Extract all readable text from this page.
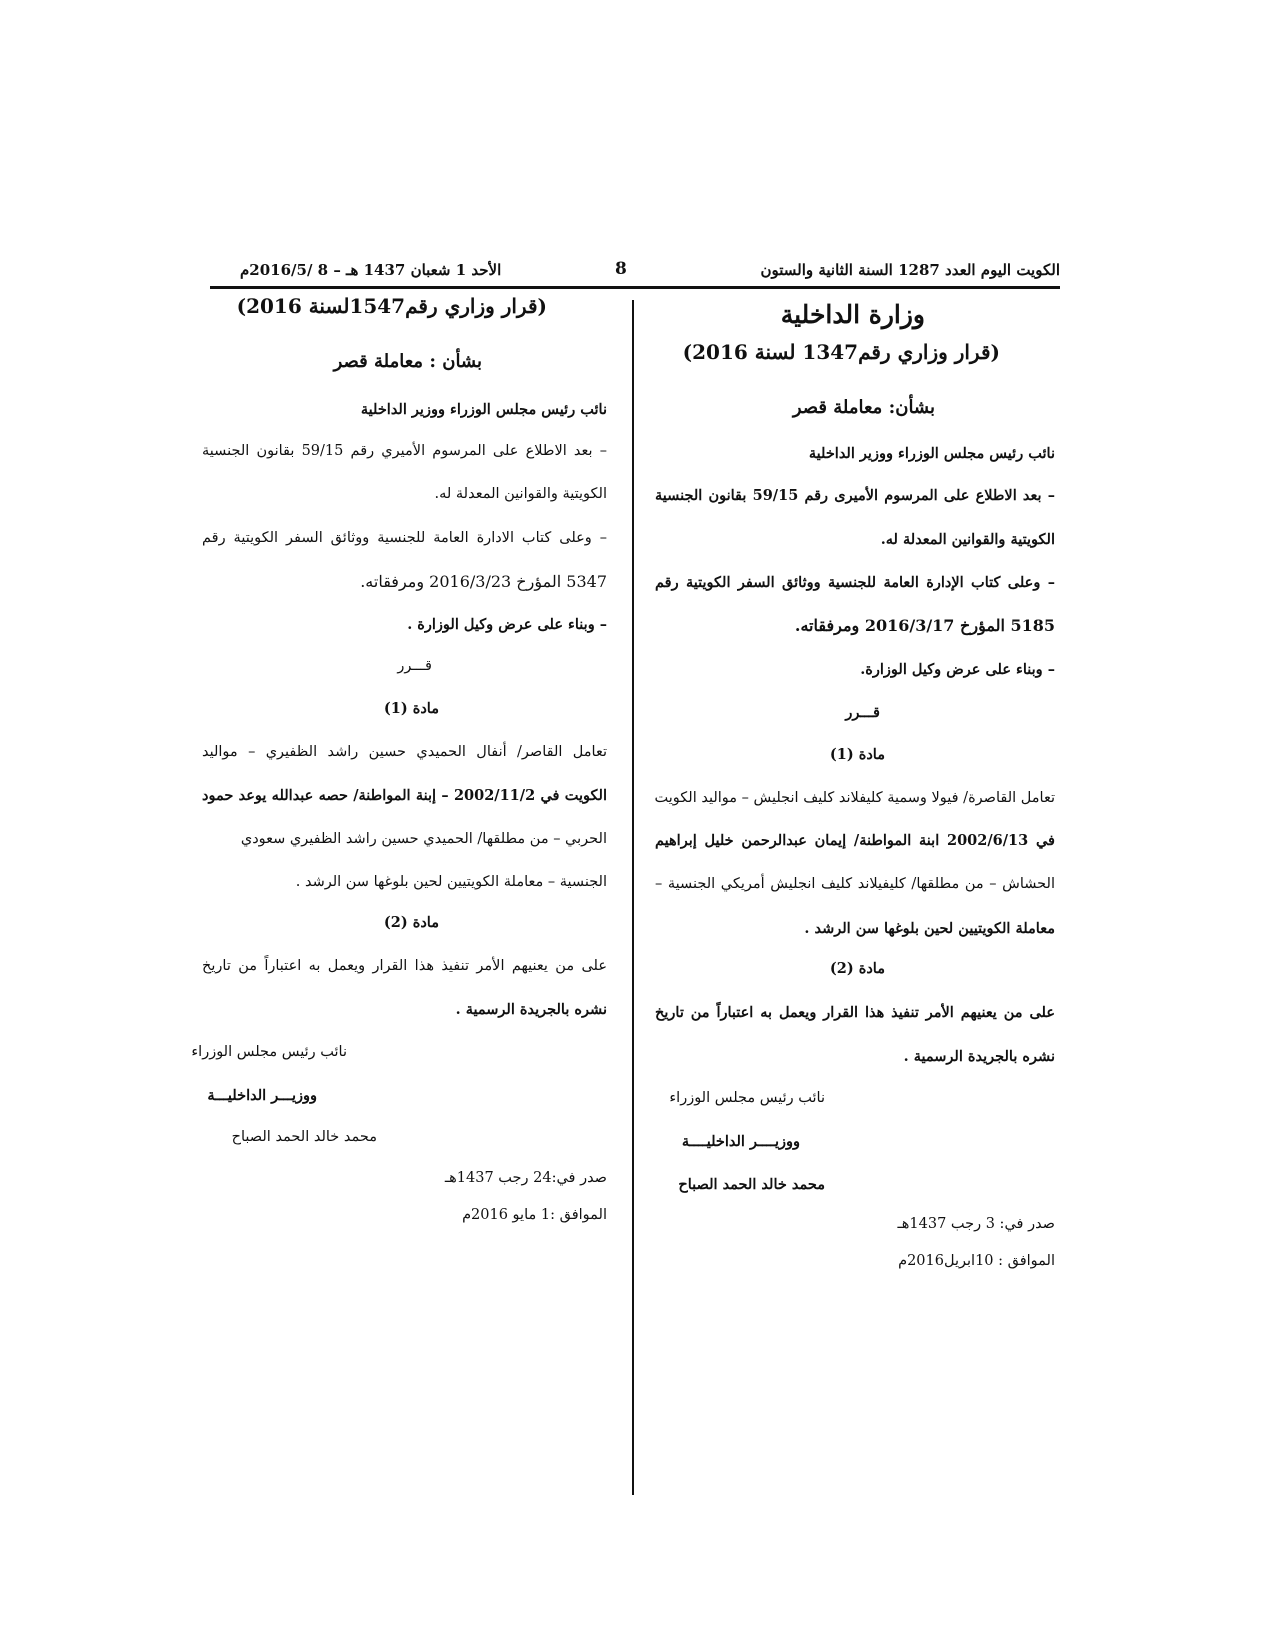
الكويت اليوم العدد 1287 السنة الثانية والستون
8
الأحد 1 شعبان 1437 هـ – 8 /2016/5م
وزارة الداخلية
(قرار وزاري رقم1347 لسنة 2016)
بشأن: معاملة قصر
نائب رئيس مجلس الوزراء ووزير الداخلية
– بعد الاطلاع على المرسوم الأميرى رقم 59/15 بقانون الجنسية
الكويتية والقوانين المعدلة له.
– وعلى كتاب الإدارة العامة للجنسية ووثائق السفر الكويتية رقم
5185 المؤرخ 2016/3/17 ومرفقاته.
– وبناء على عرض وكيل الوزارة.
قـــرر
مادة (1)
تعامل القاصرة/ فيولا وسمية كليفلاند كليف انجليش – مواليد الكويت
في 2002/6/13 ابنة المواطنة/ إيمان عبدالرحمن خليل إبراهيم
الحشاش – من مطلقها/ كليفيلاند كليف انجليش أمريكي الجنسية –
معاملة الكويتيين لحين بلوغها سن الرشد .
مادة (2)
على من يعنيهم الأمر تنفيذ هذا القرار ويعمل به اعتباراً من تاريخ
نشره بالجريدة الرسمية .
نائب رئيس مجلس الوزراء
ووزيــــر الداخليــــة
محمد خالد الحمد الصباح
صدر في: 3 رجب 1437هـ
الموافق : 10ابريل2016م
(قرار وزاري رقم1547لسنة 2016)
بشأن : معاملة قصر
نائب رئيس مجلس الوزراء ووزير الداخلية
– بعد الاطلاع على المرسوم الأميري رقم 59/15 بقانون الجنسية
الكويتية والقوانين المعدلة له.
– وعلى كتاب الادارة العامة للجنسية ووثائق السفر الكويتية رقم
5347 المؤرخ 2016/3/23 ومرفقاته.
– وبناء على عرض وكيل الوزارة .
قـــرر
مادة (1)
تعامل القاصر/ أنفال الحميدي حسين راشد الظفيري – مواليد
الكويت في 2002/11/2 – إبنة المواطنة/ حصه عبدالله يوعد حمود
الحربي – من مطلقها/ الحميدي حسين راشد الظفيري سعودي
الجنسية – معاملة الكويتيين لحين بلوغها سن الرشد .
مادة (2)
على من يعنيهم الأمر تنفيذ هذا القرار ويعمل به اعتباراً من تاريخ
نشره بالجريدة الرسمية .
نائب رئيس مجلس الوزراء
ووزيـــر الداخليـــة
محمد خالد الحمد الصباح
صدر في:24 رجب 1437هـ
الموافق :1 مايو 2016م
